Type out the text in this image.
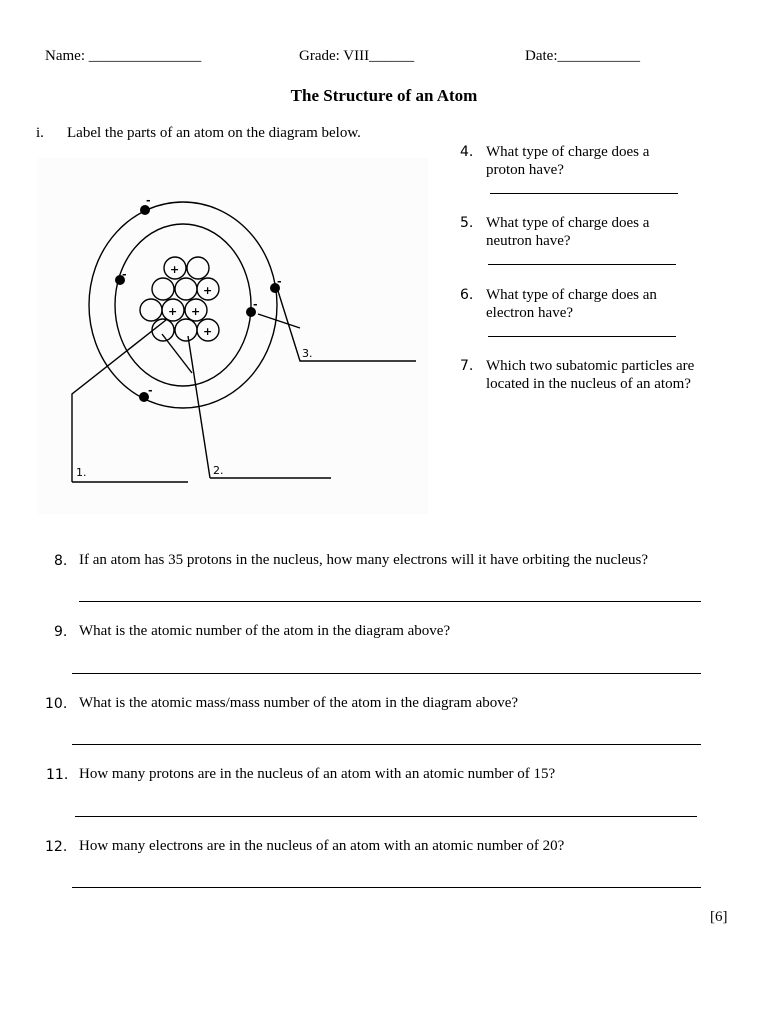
Name: _______________	Grade: VIII______	Date:___________
The Structure of an Atom
i. Label the parts of an atom on the diagram below.
+
+
+ +
+
-
-
-
-
-
1.	2.
3.
4. What type of charge does a proton have?
5. What type of charge does a neutron have?
6. What type of charge does an electron have?
7. Which two subatomic particles are located in the nucleus of an atom?
8. If an atom has 35 protons in the nucleus, how many electrons will it have orbiting the nucleus?
9. What is the atomic number of the atom in the diagram above?
10. What is the atomic mass/mass number of the atom in the diagram above?
11. How many protons are in the nucleus of an atom with an atomic number of 15?
12. How many electrons are in the nucleus of an atom with an atomic number of 20?
[6]
